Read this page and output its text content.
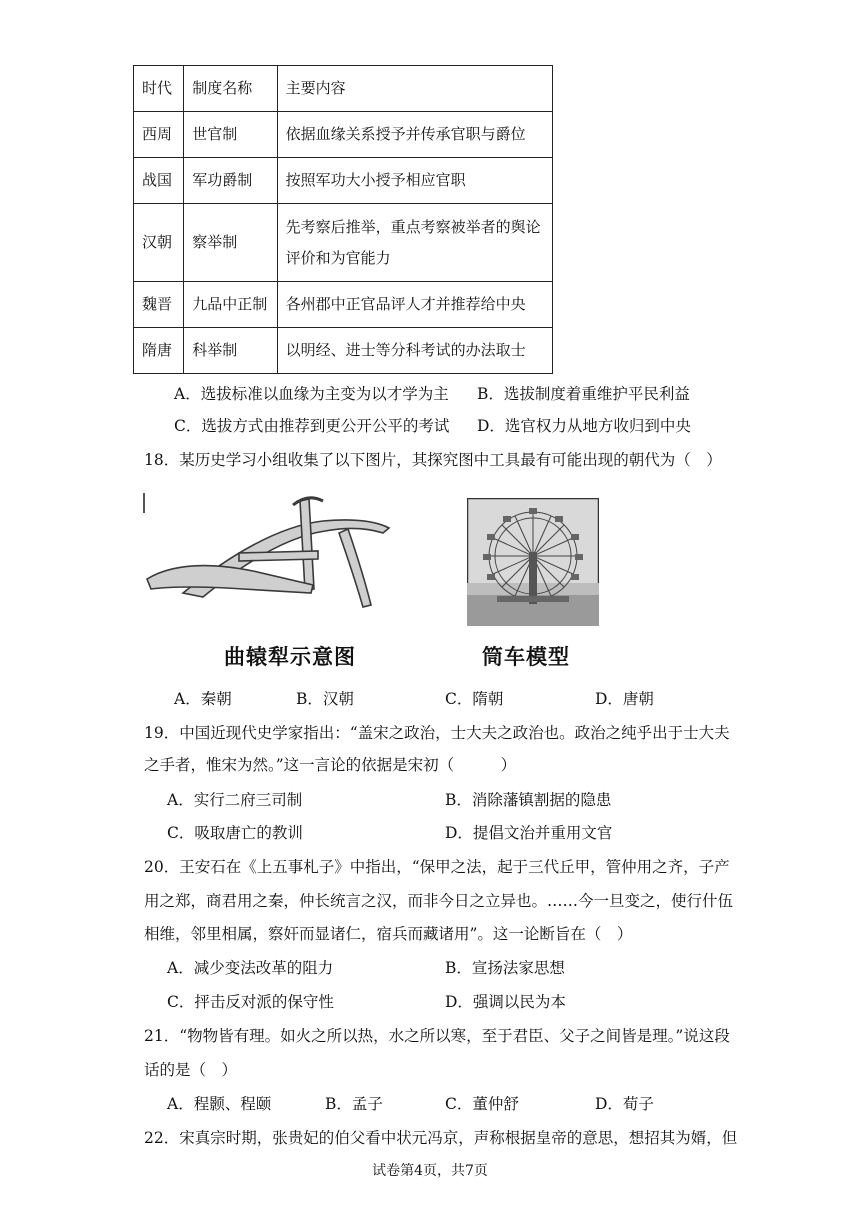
时代	制度名称	主要内容
西周	世官制	依据血缘关系授予并传承官职与爵位
战国	军功爵制	按照军功大小授予相应官职
汉朝	察举制	先考察后推举，重点考察被举者的舆论
评价和为官能力

魏晋	九品中正制	各州郡中正官品评人才并推荐给中央
隋唐	科举制	以明经、进士等分科考试的办法取士
A．选拔标准以血缘为主变为以才学为主 B．选拔制度着重维护平民利益
C．选拔方式由推荐到更公开公平的考试 D．选官权力从地方收归到中央
18．某历史学习小组收集了以下图片，其探究图中工具最有可能出现的朝代为（　）
曲辕犁示意图	筒车模型
A．秦朝	B．汉朝	C．隋朝	D．唐朝
19．中国近现代史学家指出：“盖宋之政治，士大夫之政治也。政治之纯乎出于士大夫
之手者，惟宋为然。”这一言论的依据是宋初（　　　）
A．实行二府三司制	B．消除藩镇割据的隐患
C．吸取唐亡的教训	D．提倡文治并重用文官
20．王安石在《上五事札子》中指出，“保甲之法，起于三代丘甲，管仲用之齐，子产
用之郑，商君用之秦，仲长统言之汉，而非今日之立异也。……今一旦变之，使行什伍
相维，邻里相属，察奸而显诸仁，宿兵而藏诸用”。这一论断旨在（　）
A．减少变法改革的阻力	B．宣扬法家思想
C．抨击反对派的保守性	D．强调以民为本
21．“物物皆有理。如火之所以热，水之所以寒，至于君臣、父子之间皆是理。”说这段
话的是（　）
A．程颢、程颐	B．孟子	C．董仲舒	D．荀子
22．宋真宗时期，张贵妃的伯父看中状元冯京，声称根据皇帝的意思，想招其为婿，但
试卷第4页，共7页
